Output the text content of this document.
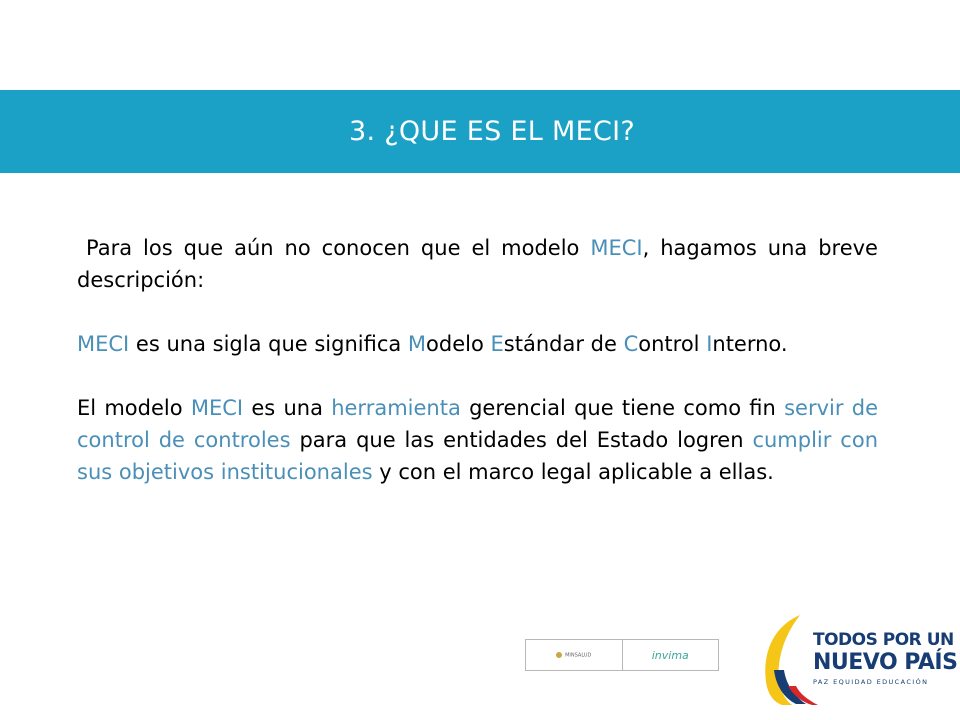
3. ¿QUE ES EL MECI?

Para los que aún no conocen que el modelo MECI, hagamos una breve descripción:

MECI es una sigla que significa Modelo Estándar de Control Interno.

El modelo MECI es una herramienta gerencial que tiene como fin servir de control de controles para que las entidades del Estado logren cumplir con sus objetivos institucionales y con el marco legal aplicable a ellas.

MINSALUD	invima
TODOS POR UN
NUEVO PAÍS
PAZ EQUIDAD EDUCACIÓN
